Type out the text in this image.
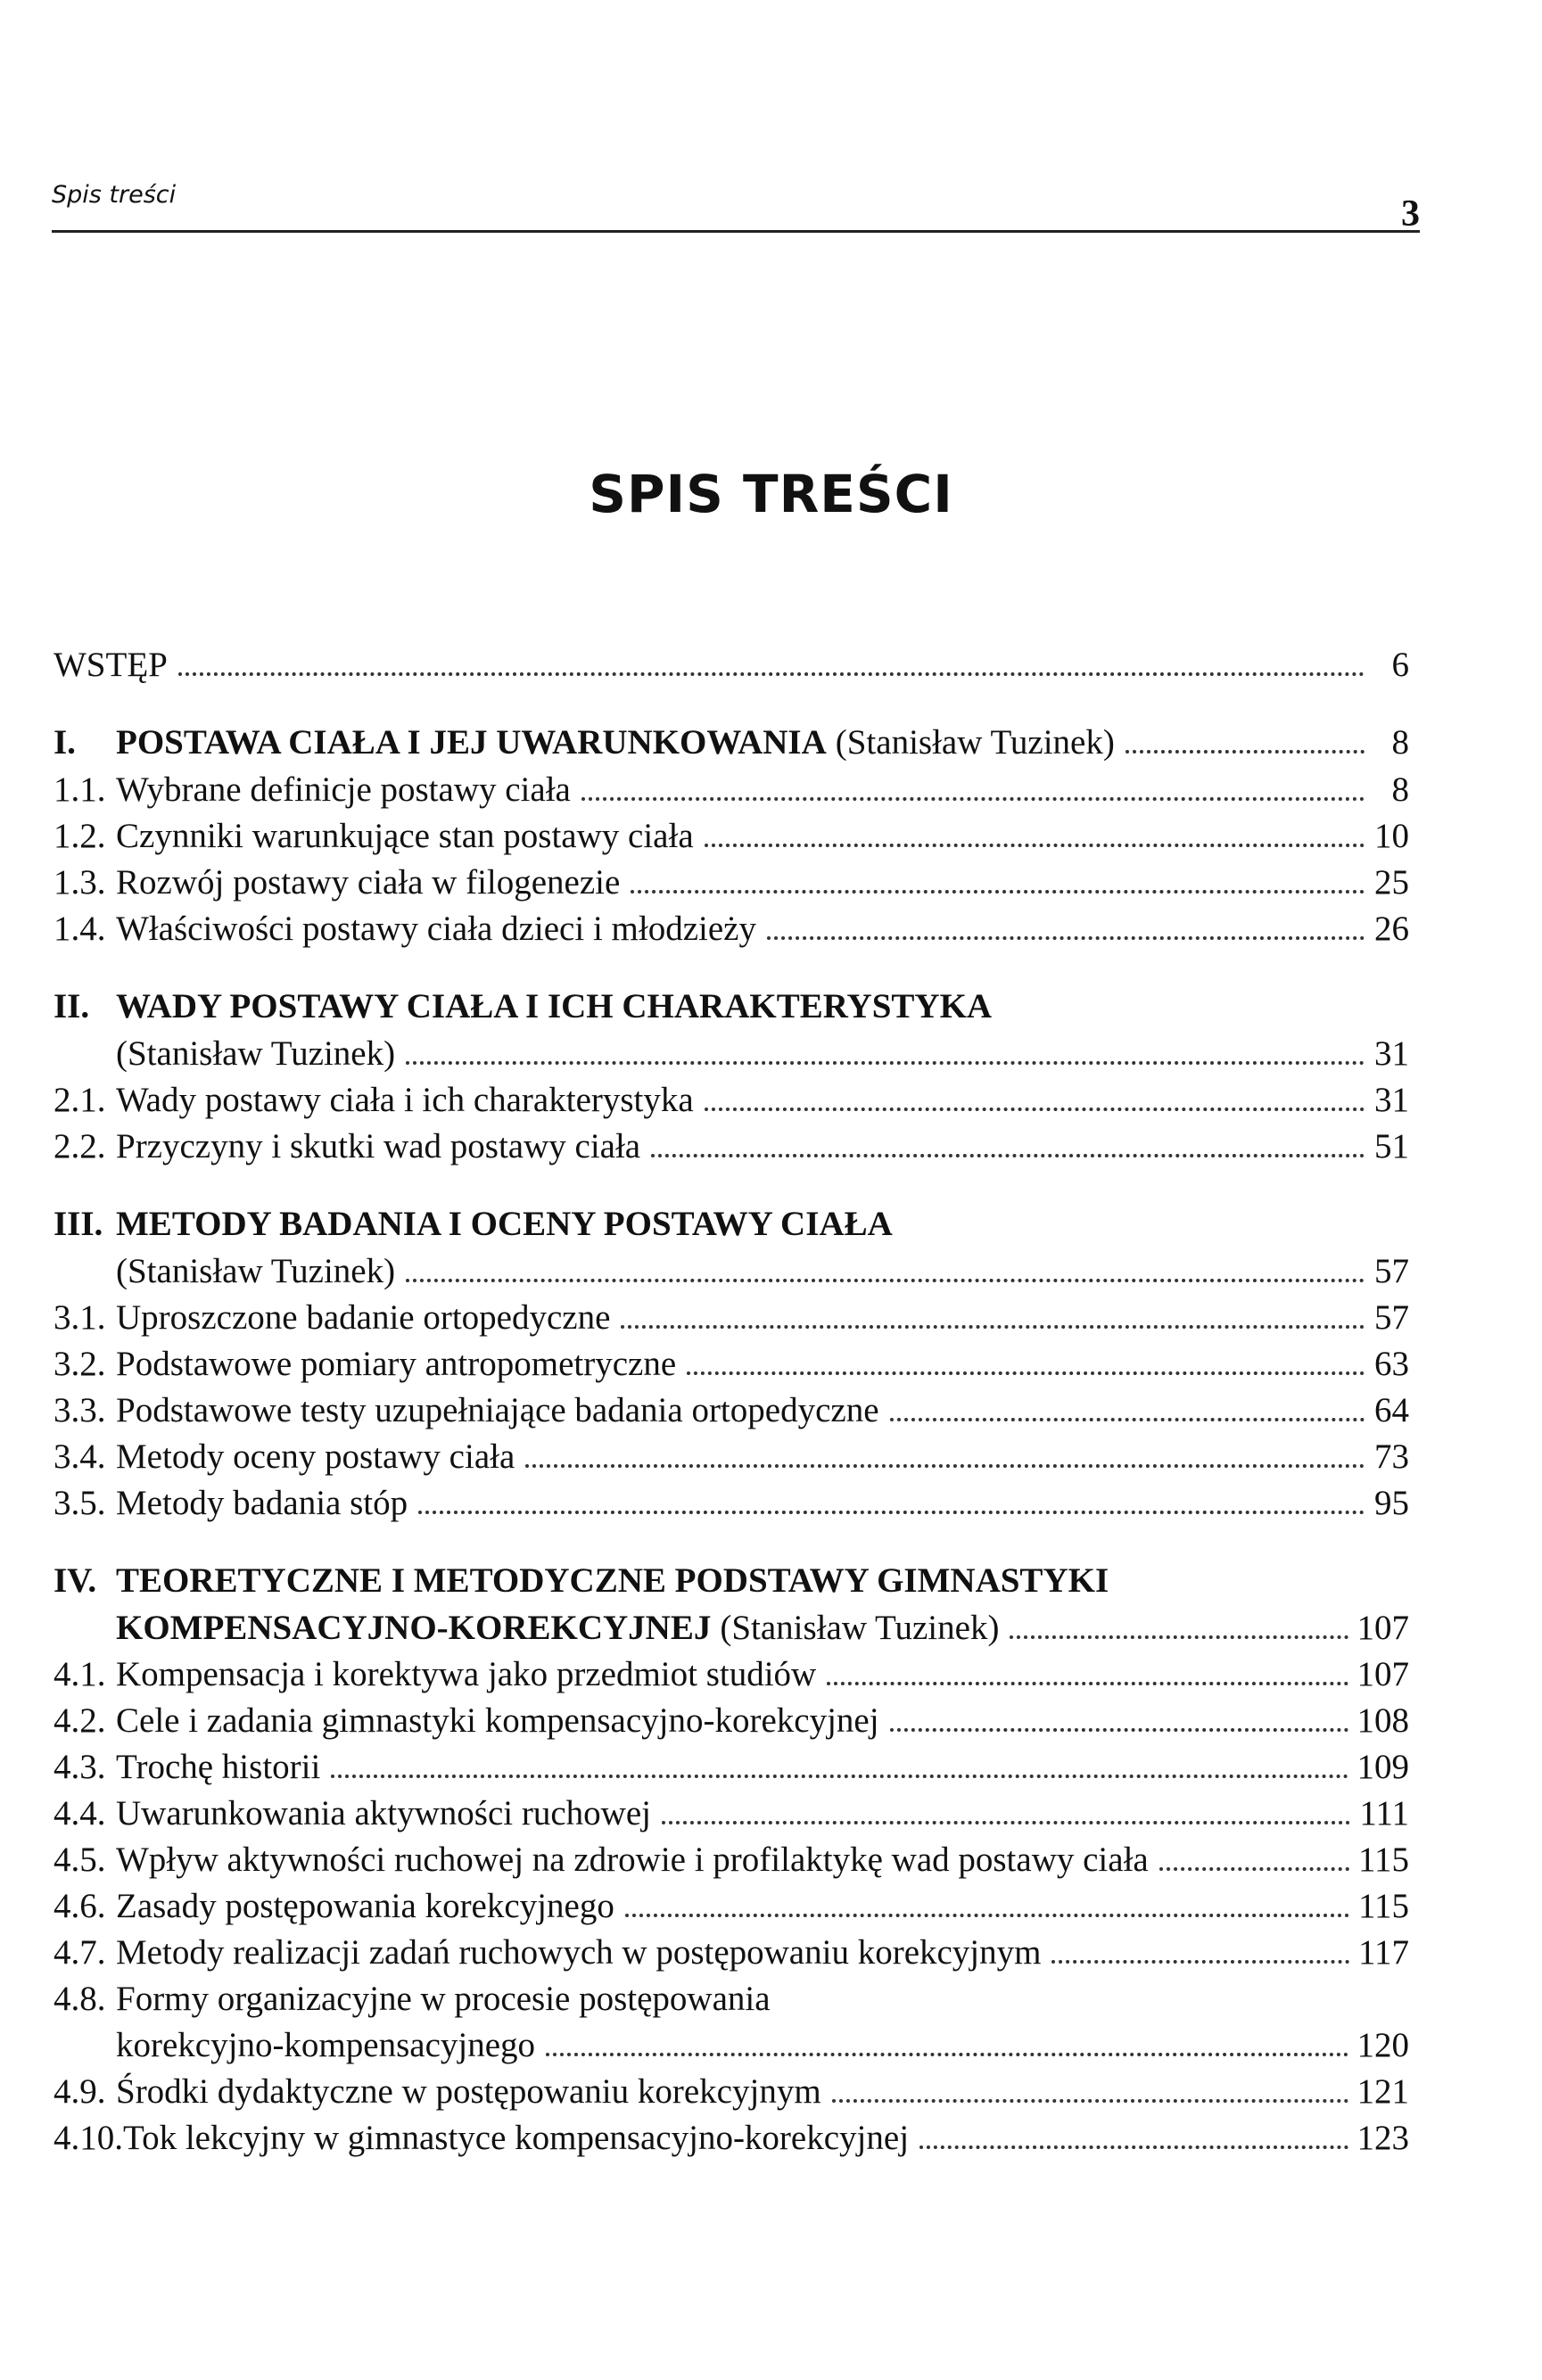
Spis treści	3
SPIS TREŚCI
WSTĘP	6
I.	POSTAWA CIAŁA I JEJ UWARUNKOWANIA (Stanisław Tuzinek)	8
1.1. Wybrane definicje postawy ciała	8
1.2. Czynniki warunkujące stan postawy ciała	10
1.3. Rozwój postawy ciała w filogenezie	25
1.4. Właściwości postawy ciała dzieci i młodzieży	26
II. WADY POSTAWY CIAŁA I ICH CHARAKTERYSTYKA
(Stanisław Tuzinek)	31
2.1. Wady postawy ciała i ich charakterystyka	31
2.2. Przyczyny i skutki wad postawy ciała	51
III. METODY BADANIA I OCENY POSTAWY CIAŁA
(Stanisław Tuzinek)	57
3.1. Uproszczone badanie ortopedyczne	57
3.2. Podstawowe pomiary antropometryczne	63
3.3. Podstawowe testy uzupełniające badania ortopedyczne	64
3.4. Metody oceny postawy ciała	73
3.5. Metody badania stóp	95
IV. TEORETYCZNE I METODYCZNE PODSTAWY GIMNASTYKI
KOMPENSACYJNO-KOREKCYJNEJ (Stanisław Tuzinek)	107
4.1. Kompensacja i korektywa jako przedmiot studiów	107
4.2. Cele i zadania gimnastyki kompensacyjno-korekcyjnej	108
4.3. Trochę historii	109
4.4. Uwarunkowania aktywności ruchowej	111
4.5. Wpływ aktywności ruchowej na zdrowie i profilaktykę wad postawy ciała	115
4.6. Zasady postępowania korekcyjnego	115
4.7. Metody realizacji zadań ruchowych w postępowaniu korekcyjnym	117
4.8. Formy organizacyjne w procesie postępowania
korekcyjno-kompensacyjnego	120
4.9. Środki dydaktyczne w postępowaniu korekcyjnym	121
4.10. Tok lekcyjny w gimnastyce kompensacyjno-korekcyjnej	123
